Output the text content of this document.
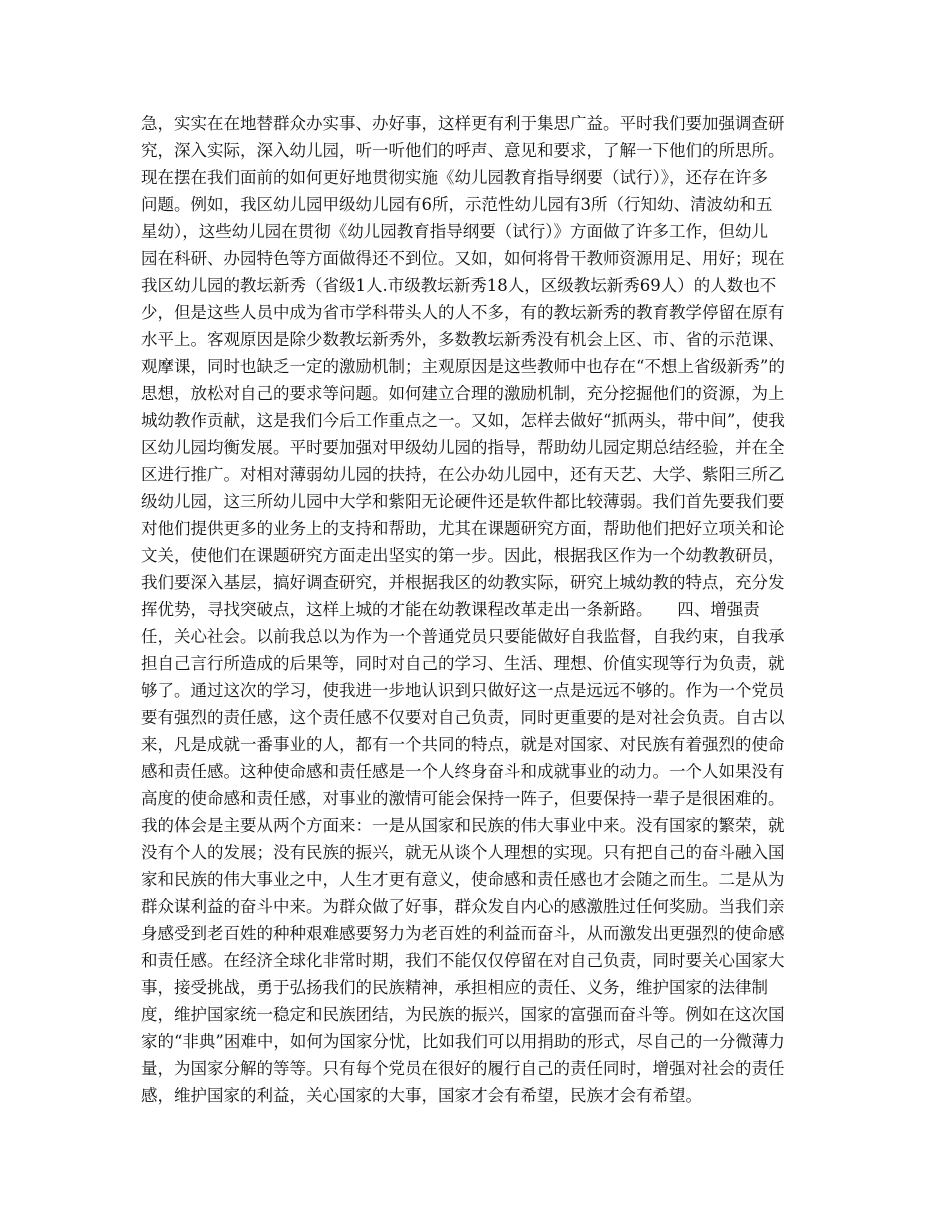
急，实实在在地替群众办实事、办好事，这样更有利于集思广益。平时我们要加强调查研
究，深入实际，深入幼儿园，听一听他们的呼声、意见和要求，了解一下他们的所思所。
现在摆在我们面前的如何更好地贯彻实施《幼儿园教育指导纲要（试行）》，还存在许多
问题。例如，我区幼儿园甲级幼儿园有6所，示范性幼儿园有3所（行知幼、清波幼和五
星幼），这些幼儿园在贯彻《幼儿园教育指导纲要（试行）》方面做了许多工作，但幼儿
园在科研、办园特色等方面做得还不到位。又如，如何将骨干教师资源用足、用好；现在
我区幼儿园的教坛新秀（省级1人.市级教坛新秀18人，区级教坛新秀69人）的人数也不
少，但是这些人员中成为省市学科带头人的人不多，有的教坛新秀的教育教学停留在原有
水平上。客观原因是除少数教坛新秀外，多数教坛新秀没有机会上区、市、省的示范课、
观摩课，同时也缺乏一定的激励机制；主观原因是这些教师中也存在“不想上省级新秀”的
思想，放松对自己的要求等问题。如何建立合理的激励机制，充分挖掘他们的资源，为上
城幼教作贡献，这是我们今后工作重点之一。又如，怎样去做好“抓两头，带中间”，使我
区幼儿园均衡发展。平时要加强对甲级幼儿园的指导，帮助幼儿园定期总结经验，并在全
区进行推广。对相对薄弱幼儿园的扶持，在公办幼儿园中，还有天艺、大学、紫阳三所乙
级幼儿园，这三所幼儿园中大学和紫阳无论硬件还是软件都比较薄弱。我们首先要我们要
对他们提供更多的业务上的支持和帮助，尤其在课题研究方面，帮助他们把好立项关和论
文关，使他们在课题研究方面走出坚实的第一步。因此，根据我区作为一个幼教教研员，
我们要深入基层，搞好调查研究，并根据我区的幼教实际，研究上城幼教的特点，充分发
挥优势，寻找突破点，这样上城的才能在幼教课程改革走出一条新路。　　四、增强责
任，关心社会。以前我总以为作为一个普通党员只要能做好自我监督，自我约束，自我承
担自己言行所造成的后果等，同时对自己的学习、生活、理想、价值实现等行为负责，就
够了。通过这次的学习，使我进一步地认识到只做好这一点是远远不够的。作为一个党员
要有强烈的责任感，这个责任感不仅要对自己负责，同时更重要的是对社会负责。自古以
来，凡是成就一番事业的人，都有一个共同的特点，就是对国家、对民族有着强烈的使命
感和责任感。这种使命感和责任感是一个人终身奋斗和成就事业的动力。一个人如果没有
高度的使命感和责任感，对事业的激情可能会保持一阵子，但要保持一辈子是很困难的。
我的体会是主要从两个方面来：一是从国家和民族的伟大事业中来。没有国家的繁荣，就
没有个人的发展；没有民族的振兴，就无从谈个人理想的实现。只有把自己的奋斗融入国
家和民族的伟大事业之中，人生才更有意义，使命感和责任感也才会随之而生。二是从为
群众谋利益的奋斗中来。为群众做了好事，群众发自内心的感激胜过任何奖励。当我们亲
身感受到老百姓的种种艰难感要努力为老百姓的利益而奋斗，从而激发出更强烈的使命感
和责任感。在经济全球化非常时期，我们不能仅仅停留在对自己负责，同时要关心国家大
事，接受挑战，勇于弘扬我们的民族精神，承担相应的责任、义务，维护国家的法律制
度，维护国家统一稳定和民族团结，为民族的振兴，国家的富强而奋斗等。例如在这次国
家的“非典”困难中，如何为国家分忧，比如我们可以用捐助的形式，尽自己的一分微薄力
量，为国家分解的等等。只有每个党员在很好的履行自己的责任同时，增强对社会的责任
感，维护国家的利益，关心国家的大事，国家才会有希望，民族才会有希望。
